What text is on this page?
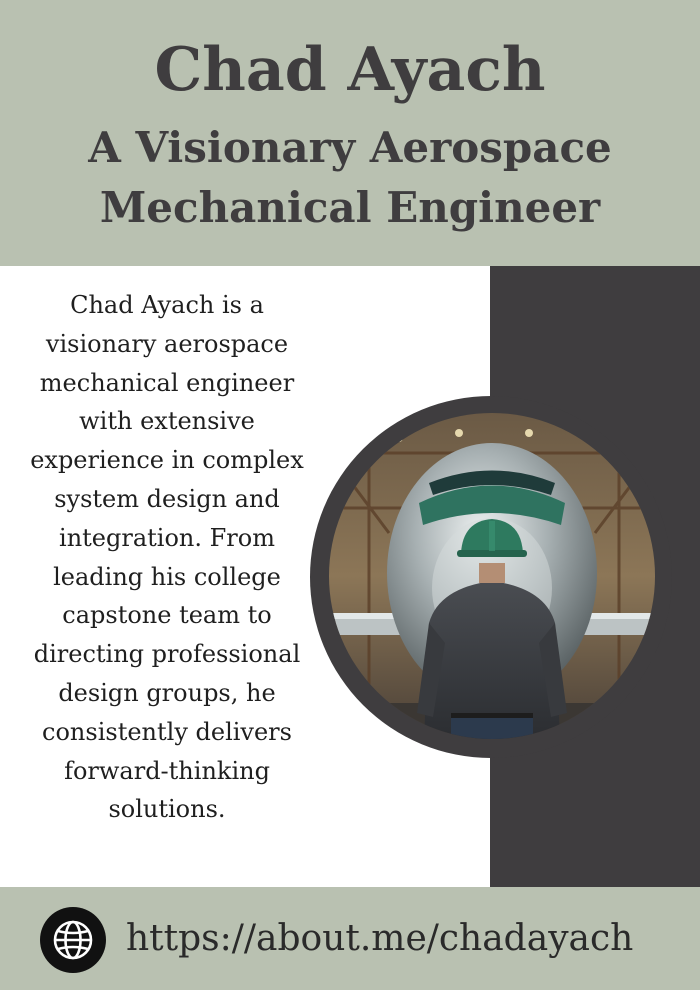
Chad Ayach
A Visionary Aerospace Mechanical Engineer
Chad Ayach is a visionary aerospace mechanical engineer with extensive experience in complex system design and integration. From leading his college capstone team to directing professional design groups, he consistently delivers forward-thinking solutions.
https://about.me/chadayach
